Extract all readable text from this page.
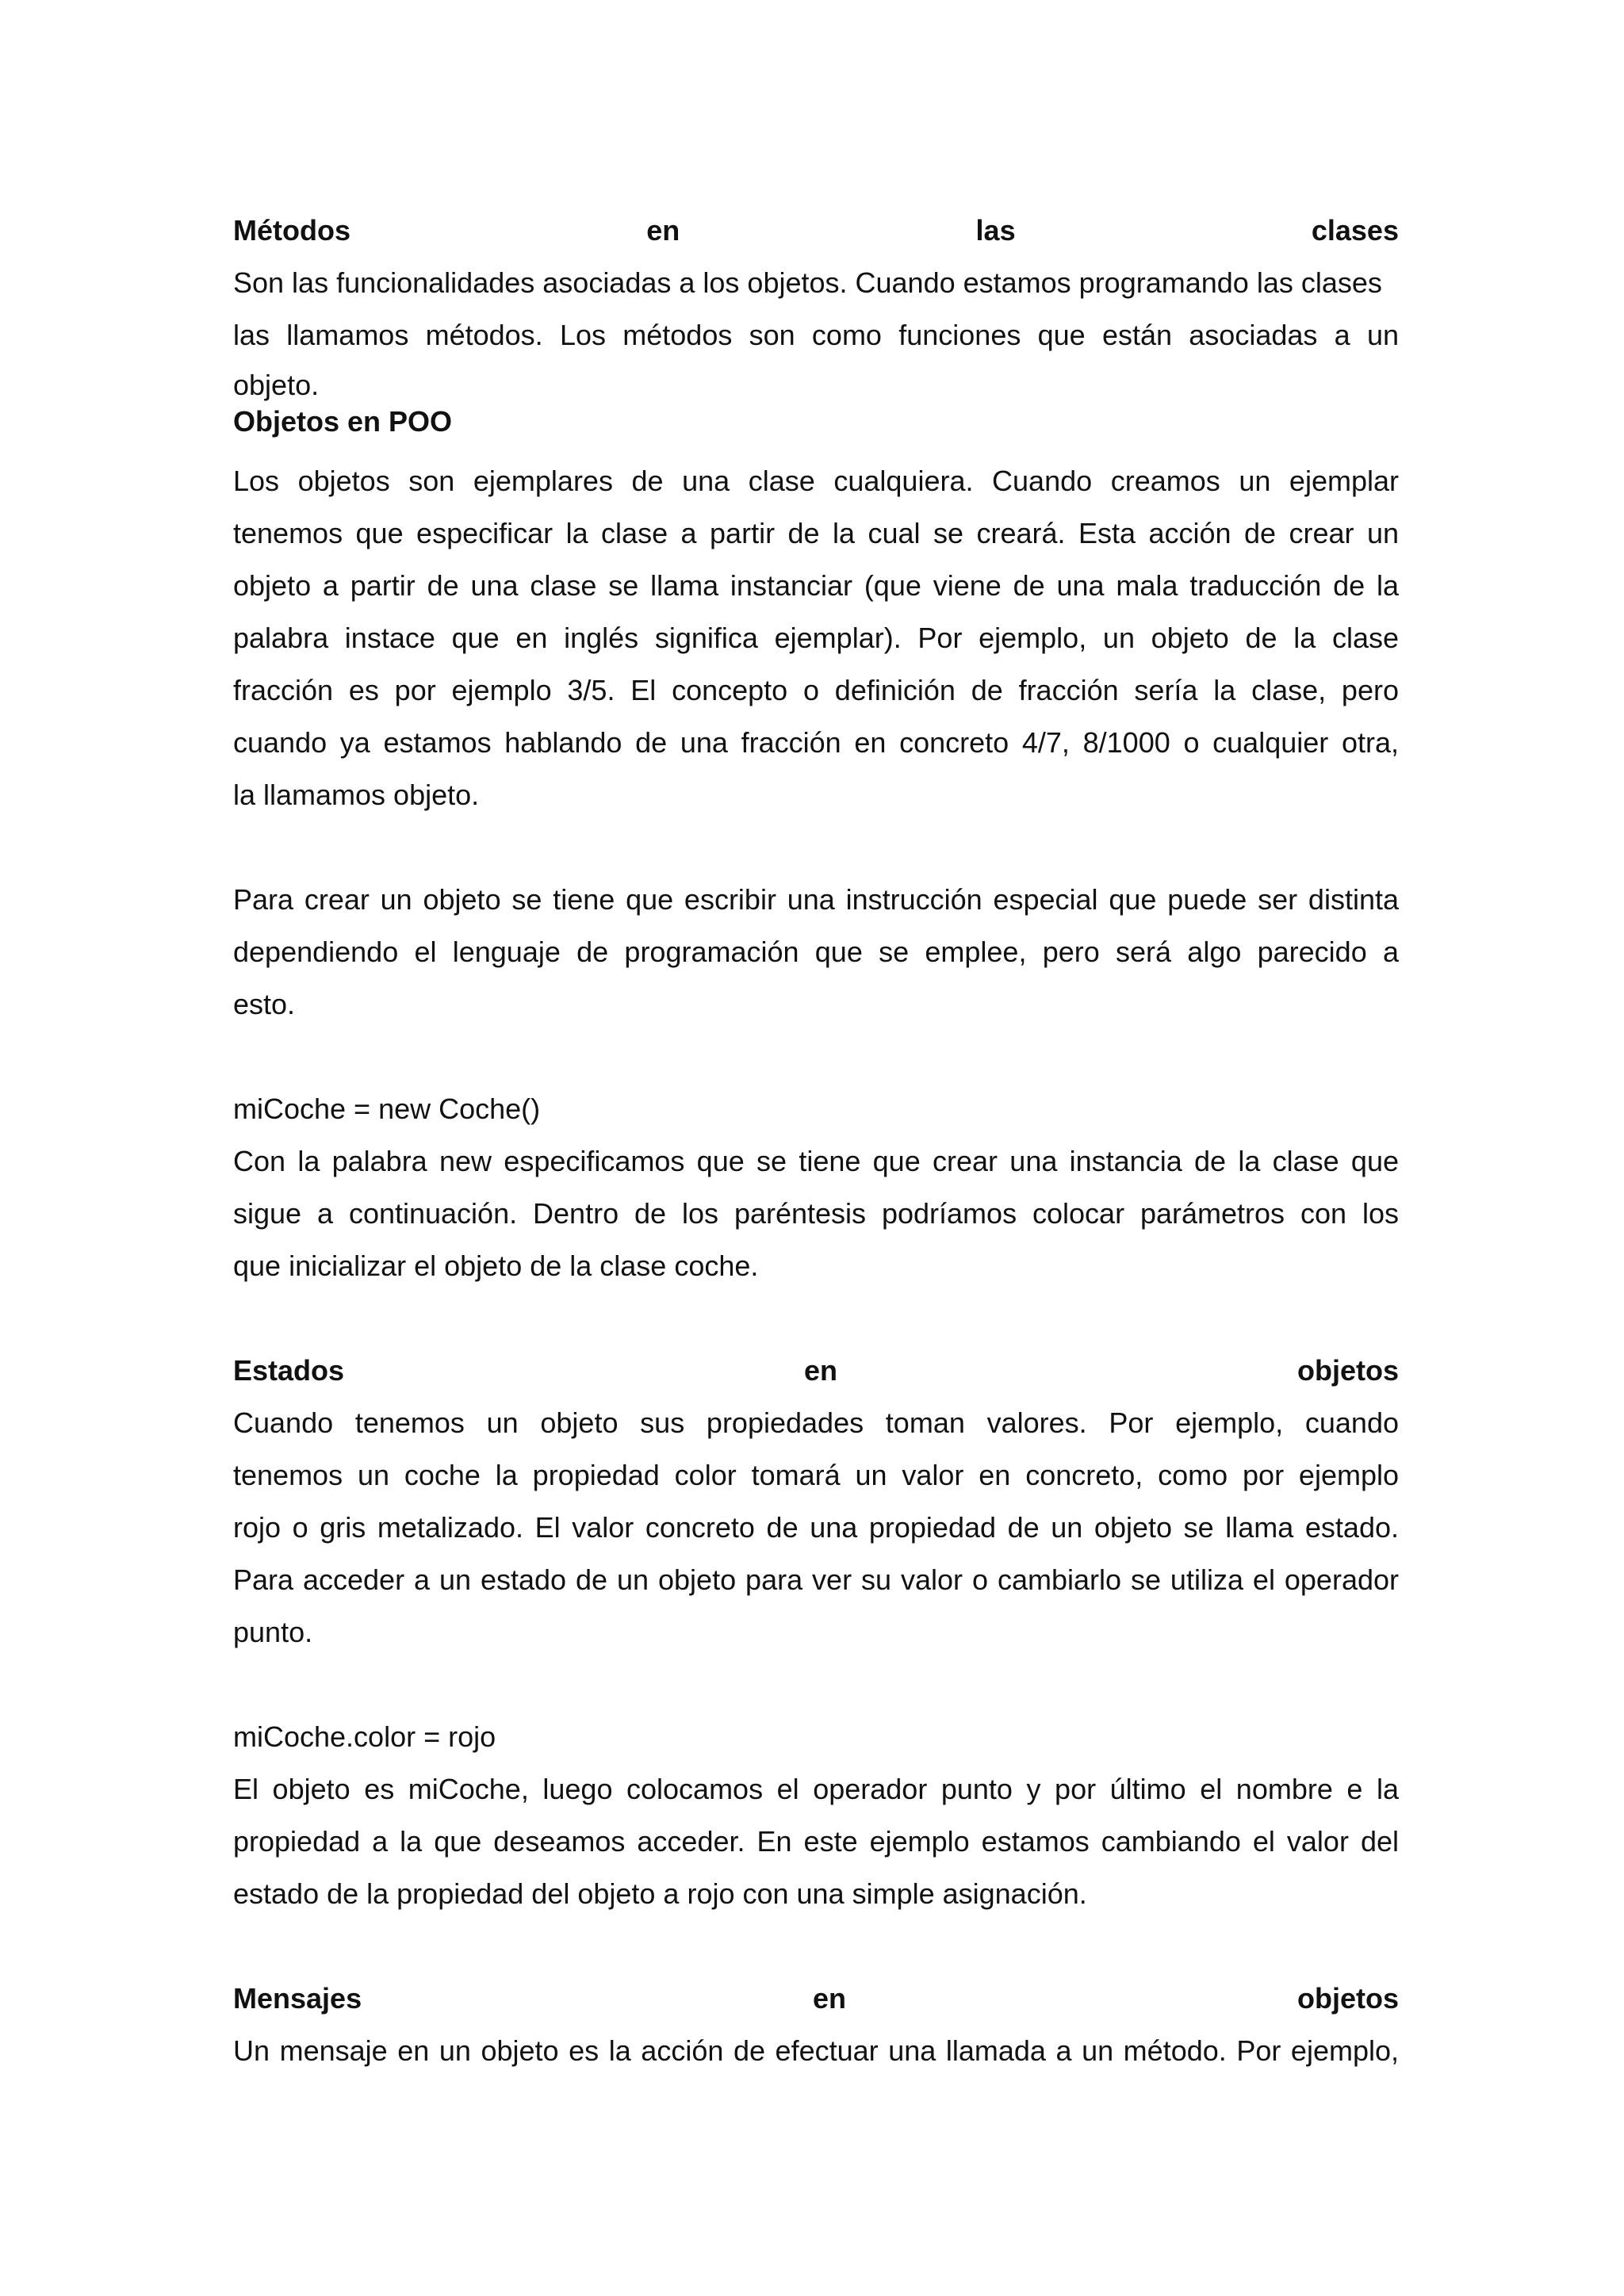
Métodos	en	las	clases
Son las funcionalidades asociadas a los objetos. Cuando estamos programando las clases
las llamamos métodos. Los métodos son como funciones que están asociadas a un
objeto.
Objetos en POO
Los objetos son ejemplares de una clase cualquiera. Cuando creamos un ejemplar
tenemos que especificar la clase a partir de la cual se creará. Esta acción de crear un
objeto a partir de una clase se llama instanciar (que viene de una mala traducción de la
palabra instace que en inglés significa ejemplar). Por ejemplo, un objeto de la clase
fracción es por ejemplo 3/5. El concepto o definición de fracción sería la clase, pero
cuando ya estamos hablando de una fracción en concreto 4/7, 8/1000 o cualquier otra,
la llamamos objeto.
Para crear un objeto se tiene que escribir una instrucción especial que puede ser distinta
dependiendo el lenguaje de programación que se emplee, pero será algo parecido a
esto.
miCoche = new Coche()
Con la palabra new especificamos que se tiene que crear una instancia de la clase que
sigue a continuación. Dentro de los paréntesis podríamos colocar parámetros con los
que inicializar el objeto de la clase coche.
Estados	en	objetos
Cuando tenemos un objeto sus propiedades toman valores. Por ejemplo, cuando
tenemos un coche la propiedad color tomará un valor en concreto, como por ejemplo
rojo o gris metalizado. El valor concreto de una propiedad de un objeto se llama estado.
Para acceder a un estado de un objeto para ver su valor o cambiarlo se utiliza el operador
punto.
miCoche.color = rojo
El objeto es miCoche, luego colocamos el operador punto y por último el nombre e la
propiedad a la que deseamos acceder. En este ejemplo estamos cambiando el valor del
estado de la propiedad del objeto a rojo con una simple asignación.
Mensajes	en	objetos
Un mensaje en un objeto es la acción de efectuar una llamada a un método. Por ejemplo,
